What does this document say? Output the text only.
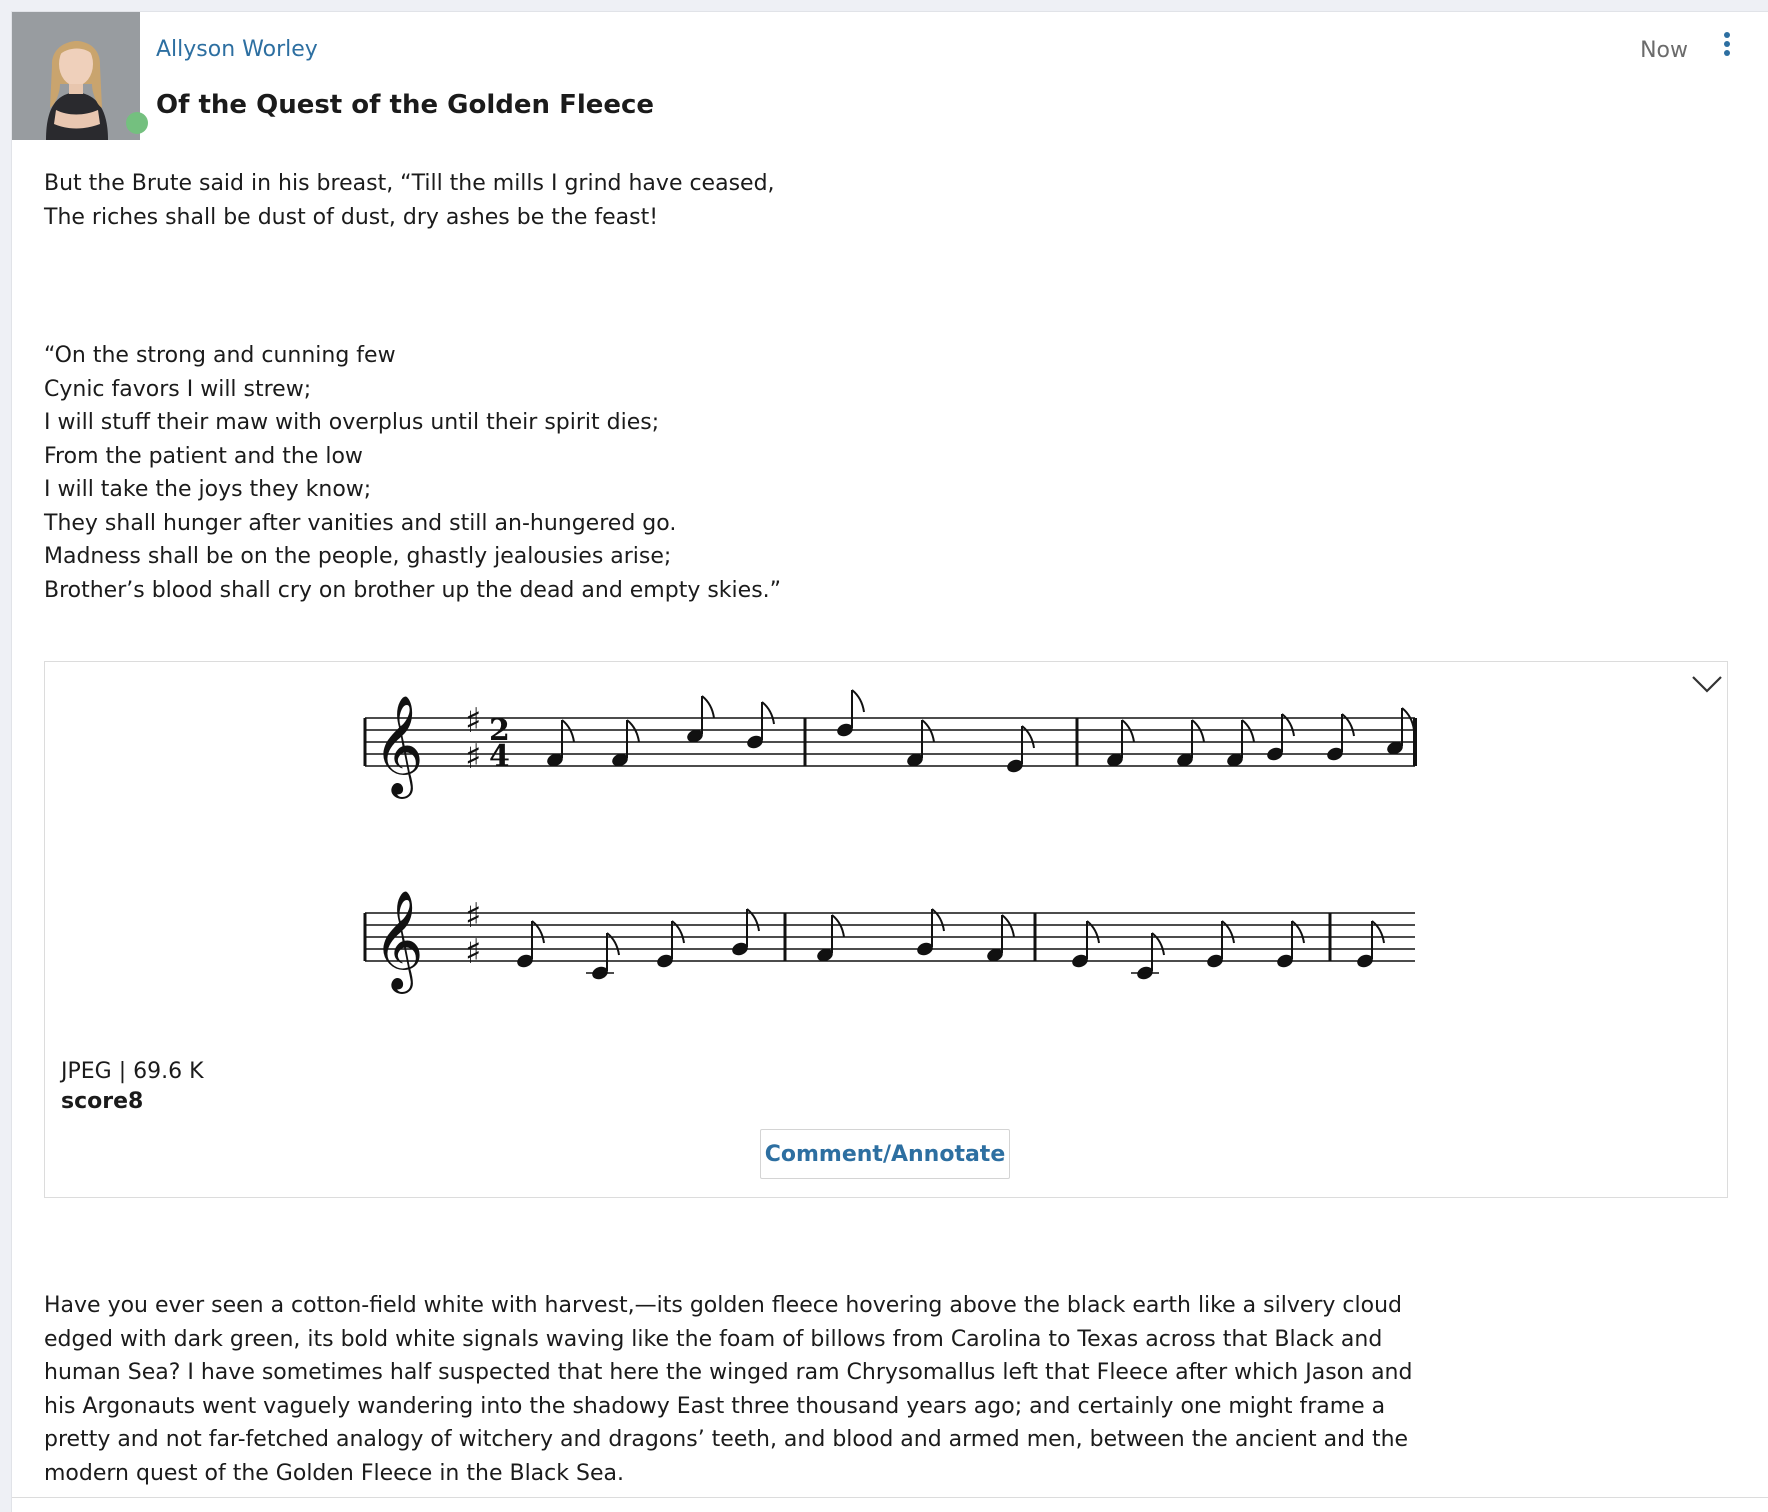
Allyson Worley
Of the Quest of the Golden Fleece
Now
But the Brute said in his breast, “Till the mills I grind have ceased,
The riches shall be dust of dust, dry ashes be the feast!
“On the strong and cunning few
Cynic favors I will strew;
I will stuff their maw with overplus until their spirit dies;
From the patient and the low
I will take the joys they know;
They shall hunger after vanities and still an-hungered go.
Madness shall be on the people, ghastly jealousies arise;
Brother’s blood shall cry on brother up the dead and empty skies.”
𝄞 ♯
♯
2
4
𝄞 ♯
♯
JPEG | 69.6 K
score8
Comment/Annotate

Have you ever seen a cotton-field white with harvest,—its golden fleece hovering above the black earth like a silvery cloud edged with dark green, its bold white signals waving like the foam of billows from Carolina to Texas across that Black and human Sea? I have sometimes half suspected that here the winged ram Chrysomallus left that Fleece after which Jason and his Argonauts went vaguely wandering into the shadowy East three thousand years ago; and certainly one might frame a pretty and not far-fetched analogy of witchery and dragons’ teeth, and blood and armed men, between the ancient and the modern quest of the Golden Fleece in the Black Sea.
